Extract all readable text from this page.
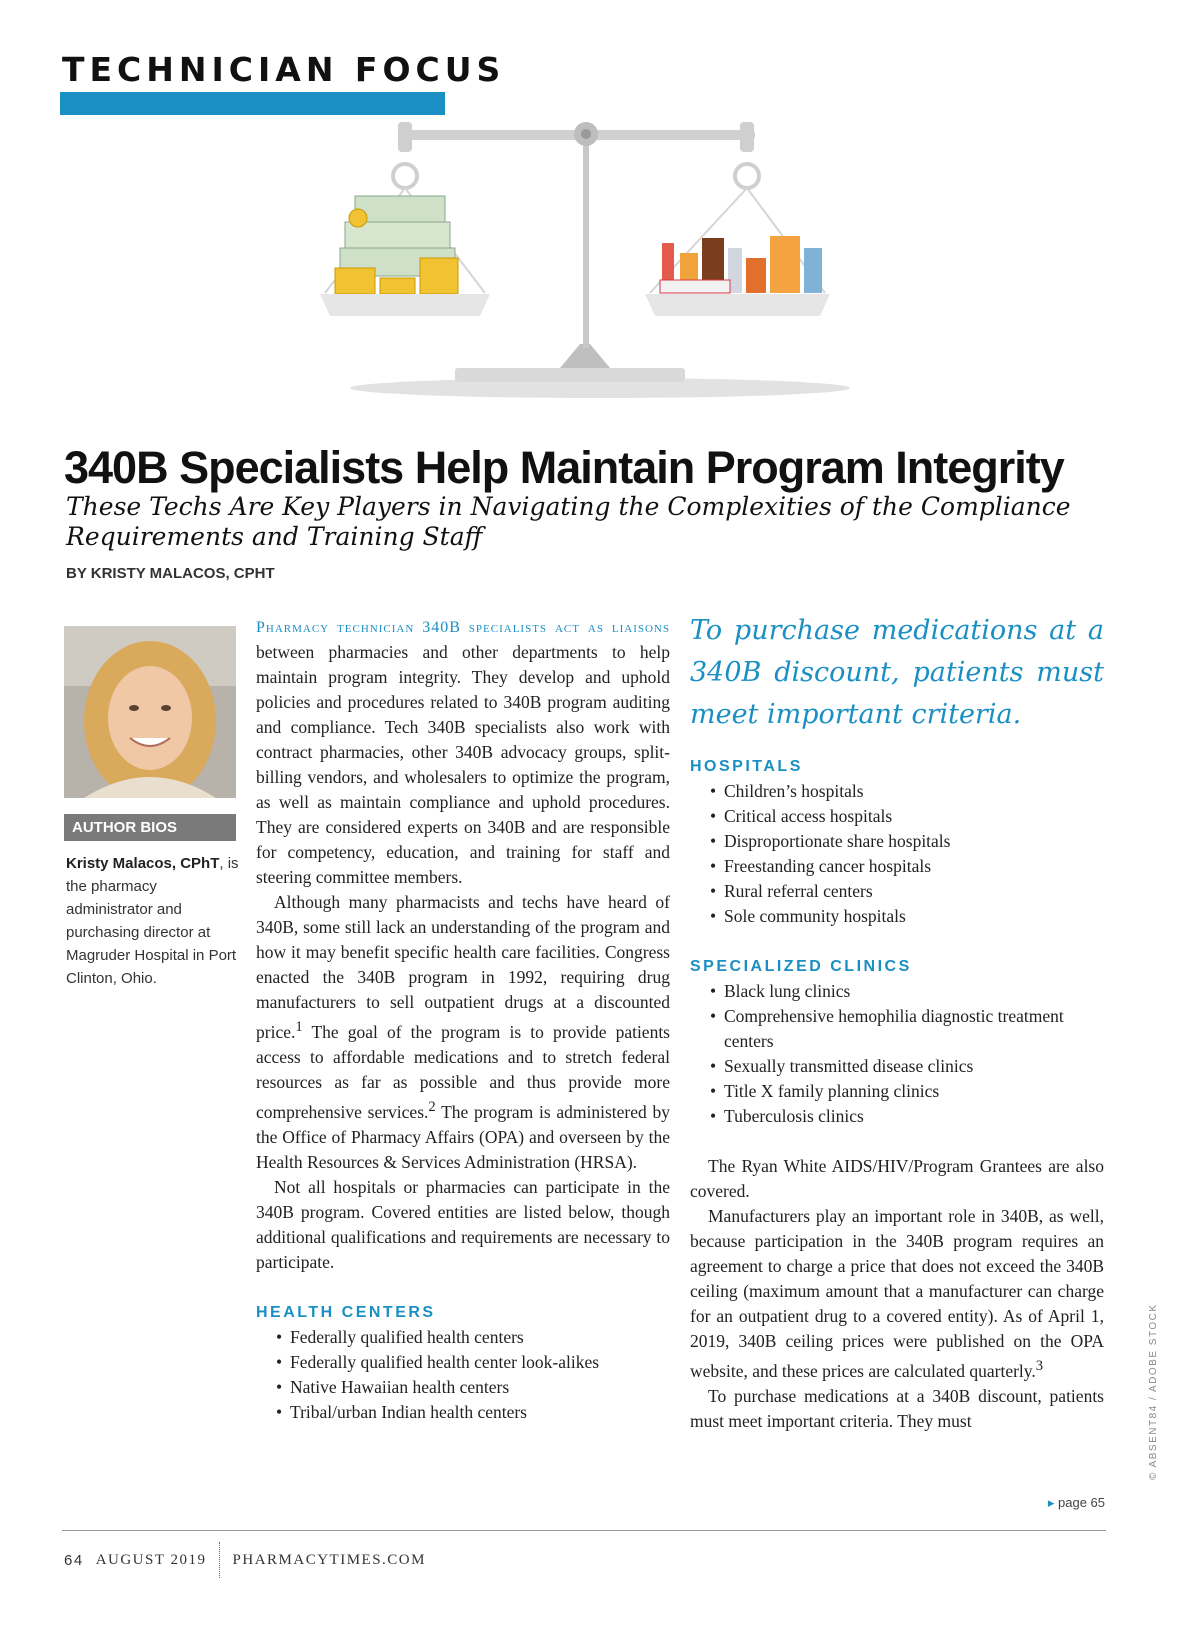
TECHNICIAN FOCUS
340B Specialists Help Maintain Program Integrity

These Techs Are Key Players in Navigating the Complexities of the Compliance Requirements and Training Staff

BY KRISTY MALACOS, CPHT

AUTHOR BIOS

Kristy Malacos, CPhT, is the pharmacy administrator and purchasing director at Magruder Hospital in Port Clinton, Ohio.

Pharmacy technician 340B specialists act as liaisons between pharmacies and other departments to help maintain program integrity. They develop and uphold policies and procedures related to 340B program auditing and compliance. Tech 340B specialists also work with contract pharmacies, other 340B advocacy groups, split-billing vendors, and wholesalers to optimize the program, as well as maintain compliance and uphold procedures. They are considered experts on 340B and are responsible for competency, education, and training for staff and steering committee members.

Although many pharmacists and techs have heard of 340B, some still lack an understanding of the program and how it may benefit specific health care facilities. Congress enacted the 340B program in 1992, requiring drug manufacturers to sell outpatient drugs at a discounted price.$^1$ The goal of the program is to provide patients access to affordable medications and to stretch federal resources as far as possible and thus provide more comprehensive services.$^2$ The program is administered by the Office of Pharmacy Affairs (OPA) and overseen by the Health Resources & Services Administration (HRSA).

Not all hospitals or pharmacies can participate in the 340B program. Covered entities are listed below, though additional qualifications and requirements are necessary to participate.

HEALTH CENTERS
• Federally qualified health centers
• Federally qualified health center look-alikes
• Native Hawaiian health centers
• Tribal/urban Indian health centers

To purchase medications at a 340B discount, patients must meet important criteria.

HOSPITALS
• Children’s hospitals
• Critical access hospitals
• Disproportionate share hospitals
• Freestanding cancer hospitals
• Rural referral centers
• Sole community hospitals
SPECIALIZED CLINICS
• Black lung clinics
• Comprehensive hemophilia diagnostic treatment centers
• Sexually transmitted disease clinics
• Title X family planning clinics
• Tuberculosis clinics

The Ryan White AIDS/HIV/Program Grantees are also covered.

Manufacturers play an important role in 340B, as well, because participation in the 340B program requires an agreement to charge a price that does not exceed the 340B ceiling (maximum amount that a manufacturer can charge for an outpatient drug to a covered entity). As of April 1, 2019, 340B ceiling prices were published on the OPA website, and these prices are calculated quarterly.$^3$

To purchase medications at a 340B discount, patients must meet important criteria. They must	© ABSENT84 / ADOBE STOCK
▸ page 65
64 AUGUST 2019 PHARMACYTIMES.COM
